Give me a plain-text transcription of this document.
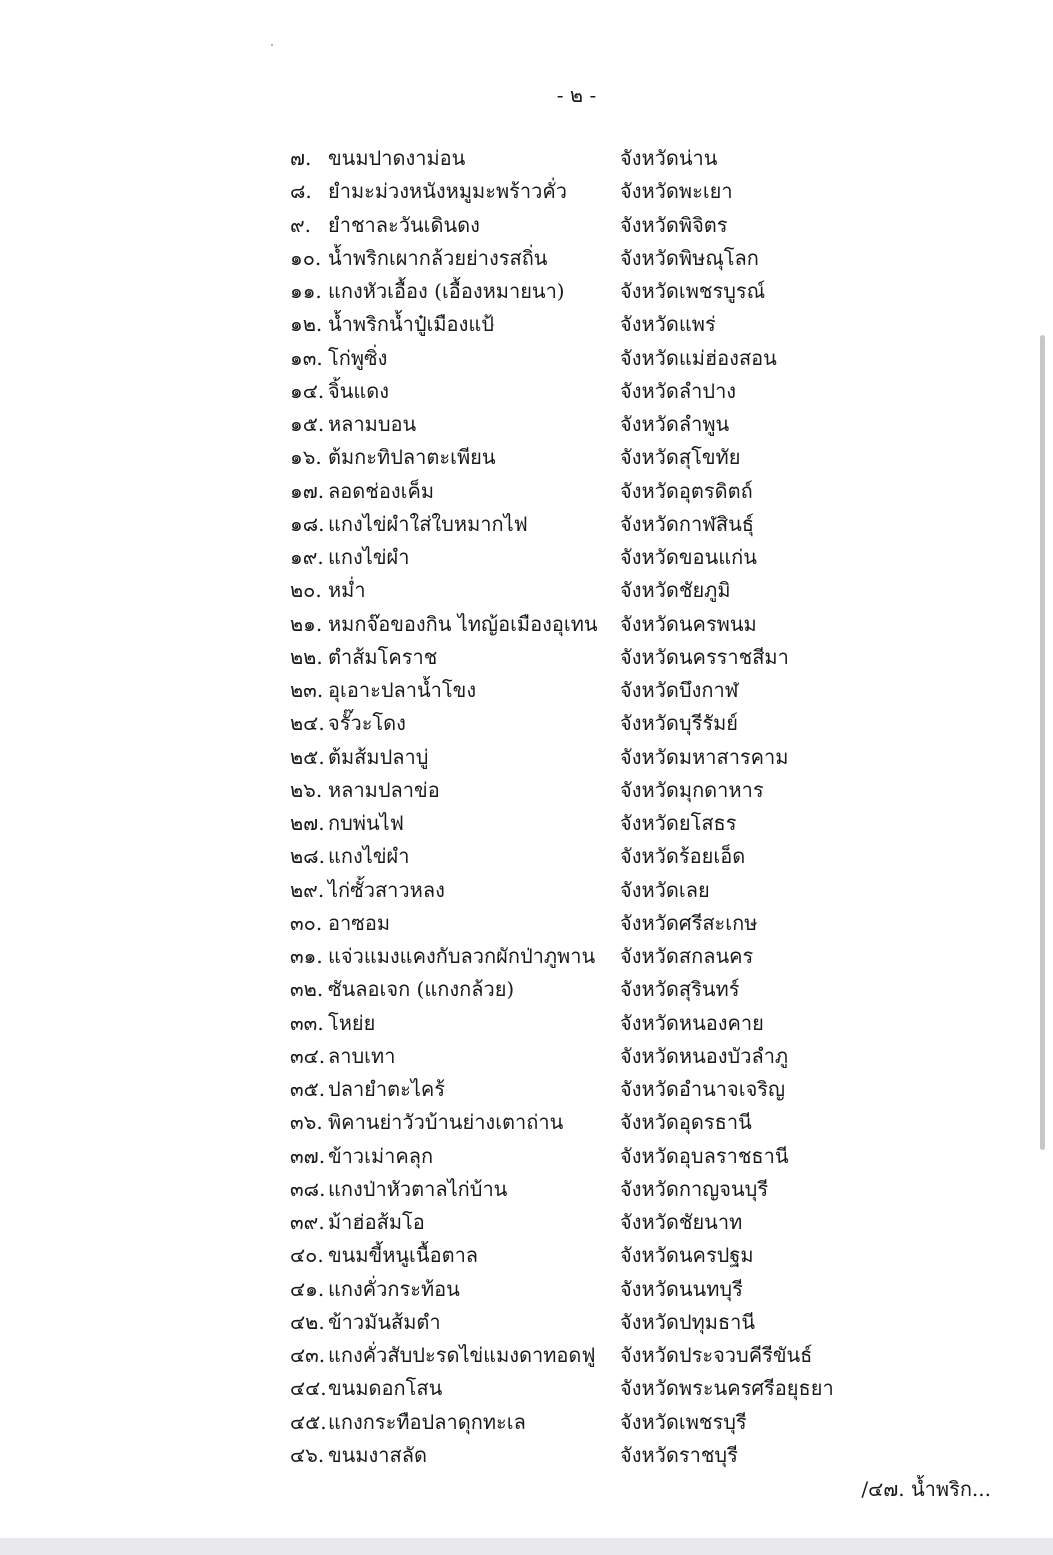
- ๒ -
๗. ขนมปาดงาม่อน	จังหวัดน่าน
๘. ยำมะม่วงหนังหมูมะพร้าวคั่ว	จังหวัดพะเยา
๙. ยำชาละวันเดินดง	จังหวัดพิจิตร
๑๐. น้ำพริกเผากล้วยย่างรสถิ่น	จังหวัดพิษณุโลก
๑๑. แกงหัวเอื้อง (เอื้องหมายนา)	จังหวัดเพชรบูรณ์
๑๒. น้ำพริกน้ำปู๋เมืองแป้	จังหวัดแพร่
๑๓. โก่พูซิ่ง	จังหวัดแม่ฮ่องสอน
๑๔. จิ้นแดง	จังหวัดลำปาง
๑๕. หลามบอน	จังหวัดลำพูน
๑๖. ต้มกะทิปลาตะเพียน	จังหวัดสุโขทัย
๑๗. ลอดช่องเค็ม	จังหวัดอุตรดิตถ์
๑๘. แกงไข่ผำใส่ใบหมากไฟ	จังหวัดกาฬสินธุ์
๑๙. แกงไข่ผำ	จังหวัดขอนแก่น
๒๐. หม่ำ	จังหวัดชัยภูมิ
๒๑. หมกจ๊อของกิน ไทญ้อเมืองอุเทน จังหวัดนครพนม
๒๒. ตำส้มโคราช	จังหวัดนครราชสีมา
๒๓. อุเอาะปลาน้ำโขง	จังหวัดบึงกาฬ
๒๔. จรั๊วะโดง	จังหวัดบุรีรัมย์
๒๕. ต้มส้มปลาบู่	จังหวัดมหาสารคาม
๒๖. หลามปลาข่อ	จังหวัดมุกดาหาร
๒๗. กบพ่นไฟ	จังหวัดยโสธร
๒๘. แกงไข่ผำ	จังหวัดร้อยเอ็ด
๒๙. ไก่ซั้วสาวหลง	จังหวัดเลย
๓๐. อาซอม	จังหวัดศรีสะเกษ
๓๑. แจ่วแมงแคงกับลวกผักป่าภูพาน จังหวัดสกลนคร
๓๒. ซันลอเจก (แกงกล้วย)	จังหวัดสุรินทร์
๓๓. โหย่ย	จังหวัดหนองคาย
๓๔. ลาบเทา	จังหวัดหนองบัวลำภู
๓๕. ปลายำตะไคร้	จังหวัดอำนาจเจริญ
๓๖. พิคานย่าวัวบ้านย่างเตาถ่าน	จังหวัดอุดรธานี
๓๗. ข้าวเม่าคลุก	จังหวัดอุบลราชธานี
๓๘. แกงป่าหัวตาลไก่บ้าน	จังหวัดกาญจนบุรี
๓๙. ม้าฮ่อส้มโอ	จังหวัดชัยนาท
๔๐. ขนมขี้หนูเนื้อตาล	จังหวัดนครปฐม
๔๑. แกงคั่วกระท้อน	จังหวัดนนทบุรี
๔๒. ข้าวมันส้มตำ	จังหวัดปทุมธานี
๔๓. แกงคั่วสับปะรดไข่แมงดาทอดฟู จังหวัดประจวบคีรีขันธ์
๔๔. ขนมดอกโสน	จังหวัดพระนครศรีอยุธยา
๔๕. แกงกระทือปลาดุกทะเล	จังหวัดเพชรบุรี
๔๖. ขนมงาสลัด	จังหวัดราชบุรี
/๔๗. น้ำพริก...
